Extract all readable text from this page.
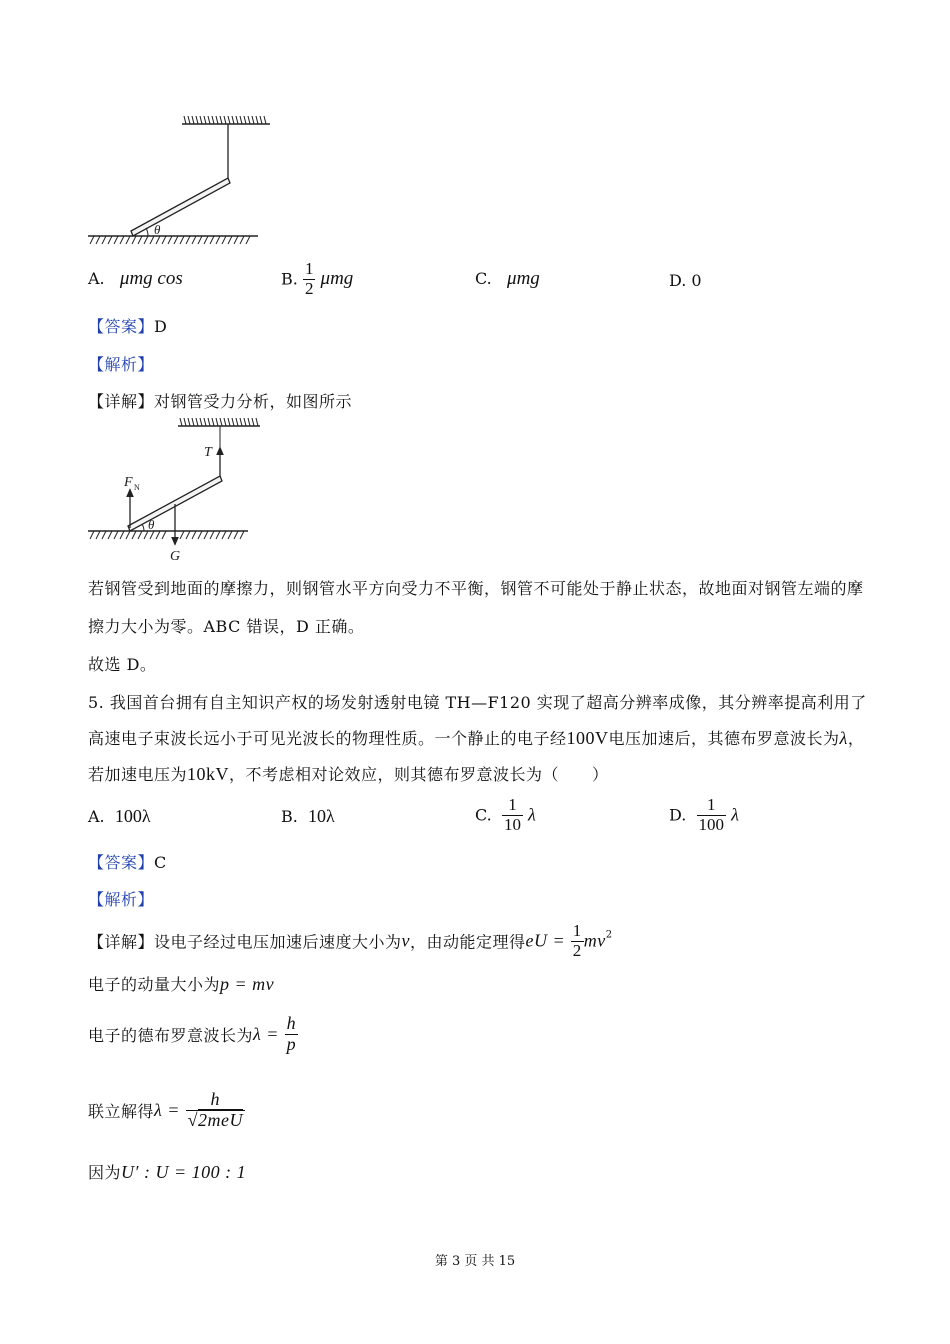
θ
A. μmg cos	B. $\frac{1}{2}$ μmg	C. μmg	D. 0
【答案】D
【解析】
【详解】对钢管受力分析，如图所示
T
F N
G
θ
若钢管受到地面的摩擦力，则钢管水平方向受力不平衡，钢管不可能处于静止状态，故地面对钢管左端的摩
擦力大小为零。ABC 错误，D 正确。
故选 D。
5. 我国首台拥有自主知识产权的场发射透射电镜 TH—F120 实现了超高分辨率成像，其分辨率提高利用了
高速电子束波长远小于可见光波长的物理性质。一个静止的电子经100V电压加速后，其德布罗意波长为λ，
若加速电压为10kV，不考虑相对论效应，则其德布罗意波长为（　　）
A. 100λ	B. 10λ	C. $\frac{1}{10}$ λ	D. $\frac{1}{100}$ λ
【答案】C
【解析】
【详解】设电子经过电压加速后速度大小为v，由动能定理得eU = $\frac{1}{2} mv^2$
电子的动量大小为p = mv
电子的德布罗意波长为$\lambda = \frac{h}{p}$
联立解得$\lambda = \frac{h}{\text{√2meU}}$
因为U′ : U = 100 : 1
第 3 页 共 15
